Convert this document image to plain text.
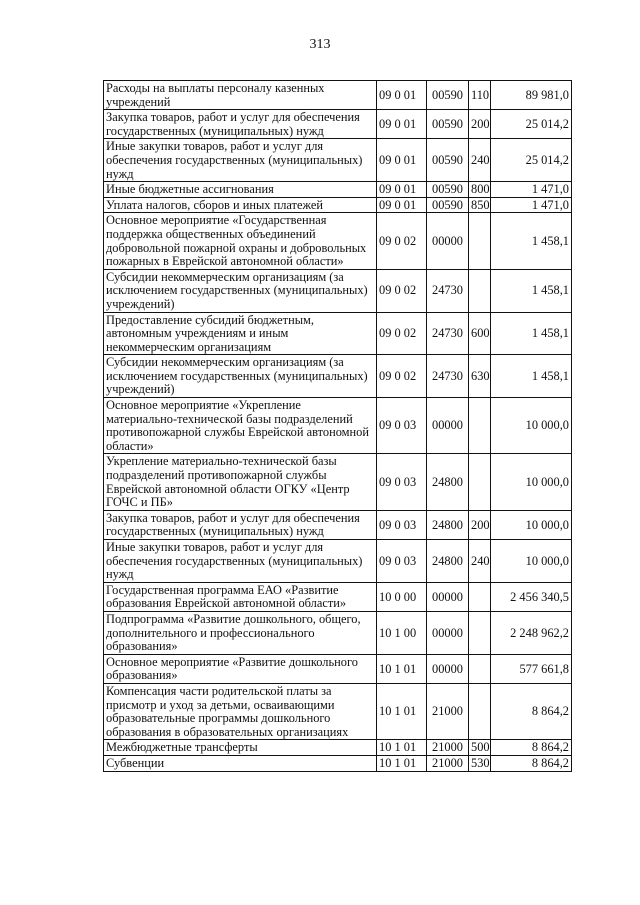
313
Расходы на выплаты персоналу казенных учреждений	09 0 01	00590	110	89 981,0
Закупка товаров, работ и услуг для обеспечения государственных (муниципальных) нужд	09 0 01	00590	200	25 014,2
Иные закупки товаров, работ и услуг для обеспечения государственных (муниципальных) нужд	09 0 01	00590	240	25 014,2
Иные бюджетные ассигнования	09 0 01	00590	800	1 471,0
Уплата налогов, сборов и иных платежей	09 0 01	00590	850	1 471,0
Основное мероприятие «Государственная поддержка общественных объединений добровольной пожарной охраны и добровольных пожарных в Еврейской автономной области»	09 0 02	00000		1 458,1
Субсидии некоммерческим организациям (за исключением государственных (муниципальных) учреждений)	09 0 02	24730		1 458,1
Предоставление субсидий бюджетным, автономным учреждениям и иным некоммерческим организациям	09 0 02	24730	600	1 458,1
Субсидии некоммерческим организациям (за исключением государственных (муниципальных) учреждений)	09 0 02	24730	630	1 458,1
Основное мероприятие «Укрепление материально-технической базы подразделений противопожарной службы Еврейской автономной области»	09 0 03	00000		10 000,0
Укрепление материально-технической базы подразделений противопожарной службы Еврейской автономной области ОГКУ «Центр ГОЧС и ПБ»	09 0 03	24800		10 000,0
Закупка товаров, работ и услуг для обеспечения государственных (муниципальных) нужд	09 0 03	24800	200	10 000,0
Иные закупки товаров, работ и услуг для обеспечения государственных (муниципальных) нужд	09 0 03	24800	240	10 000,0
Государственная программа ЕАО «Развитие образования Еврейской автономной области»	10 0 00	00000		2 456 340,5
Подпрограмма «Развитие дошкольного, общего, дополнительного и профессионального образования»	10 1 00	00000		2 248 962,2
Основное мероприятие «Развитие дошкольного образования»	10 1 01	00000		577 661,8
Компенсация части родительской платы за присмотр и уход за детьми, осваивающими образовательные программы дошкольного образования в образовательных организациях	10 1 01	21000		8 864,2
Межбюджетные трансферты	10 1 01	21000	500	8 864,2
Субвенции	10 1 01	21000	530	8 864,2
